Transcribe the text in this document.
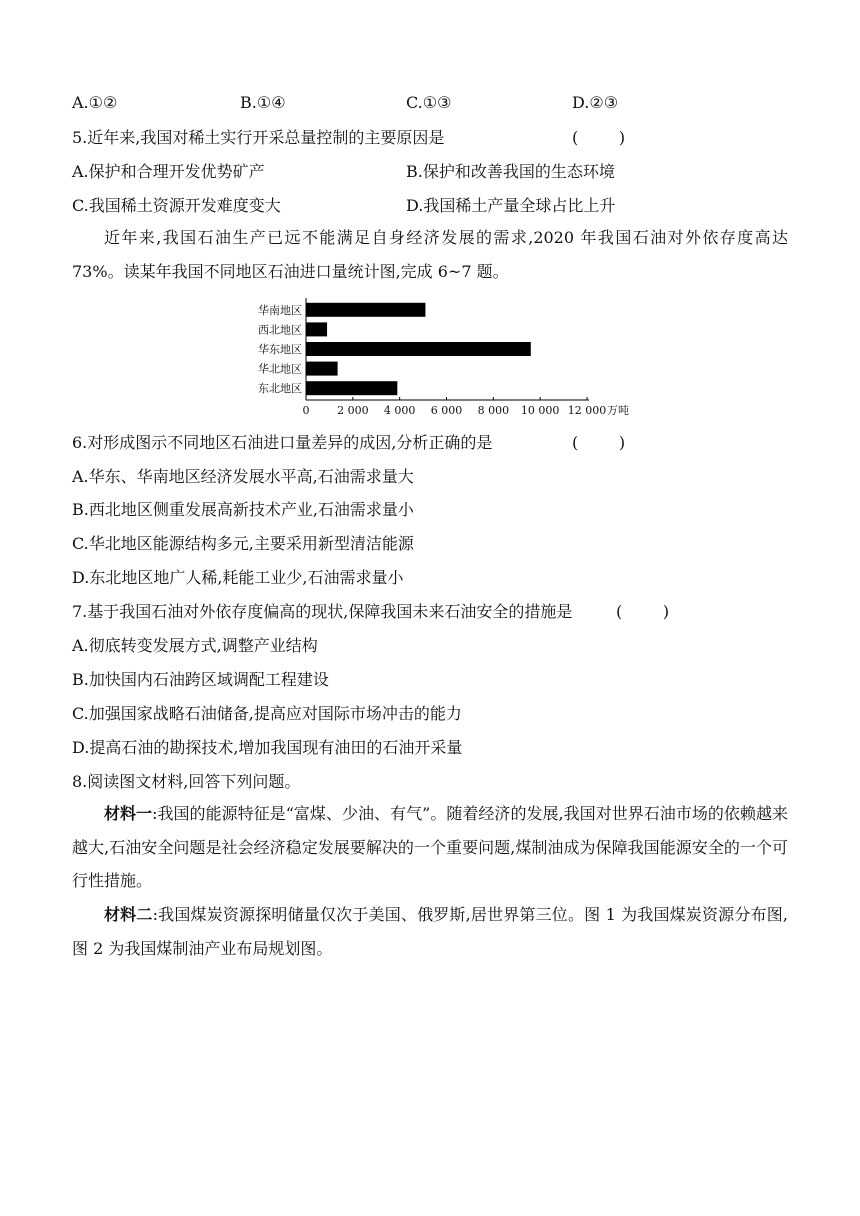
A.①②	B.①④	C.①③	D.②③
5.近年来,我国对稀土实行开采总量控制的主要原因是	(        )
A.保护和合理开发优势矿产	B.保护和改善我国的生态环境
C.我国稀土资源开发难度变大	D.我国稀土产量全球占比上升
近年来,我国石油生产已远不能满足自身经济发展的需求,2020 年我国石油对外依存度高达 73%。读某年我国不同地区石油进口量统计图,完成 6~7 题。
华南地区
西北地区
华东地区
华北地区
东北地区
0	2 000 4 000 6 000 8 000 10 000 12 000 万吨
6.对形成图示不同地区石油进口量差异的成因,分析正确的是	(        )
A.华东、华南地区经济发展水平高,石油需求量大
B.西北地区侧重发展高新技术产业,石油需求量小
C.华北地区能源结构多元,主要采用新型清洁能源
D.东北地区地广人稀,耗能工业少,石油需求量小
7.基于我国石油对外依存度偏高的现状,保障我国未来石油安全的措施是	(        )
A.彻底转变发展方式,调整产业结构
B.加快国内石油跨区域调配工程建设
C.加强国家战略石油储备,提高应对国际市场冲击的能力
D.提高石油的勘探技术,增加我国现有油田的石油开采量
8.阅读图文材料,回答下列问题。
材料一:我国的能源特征是“富煤、少油、有气”。随着经济的发展,我国对世界石油市场的依赖越来越大,石油安全问题是社会经济稳定发展要解决的一个重要问题,煤制油成为保障我国能源安全的一个可行性措施。
材料二:我国煤炭资源探明储量仅次于美国、俄罗斯,居世界第三位。图 1 为我国煤炭资源分布图,图 2 为我国煤制油产业布局规划图。
